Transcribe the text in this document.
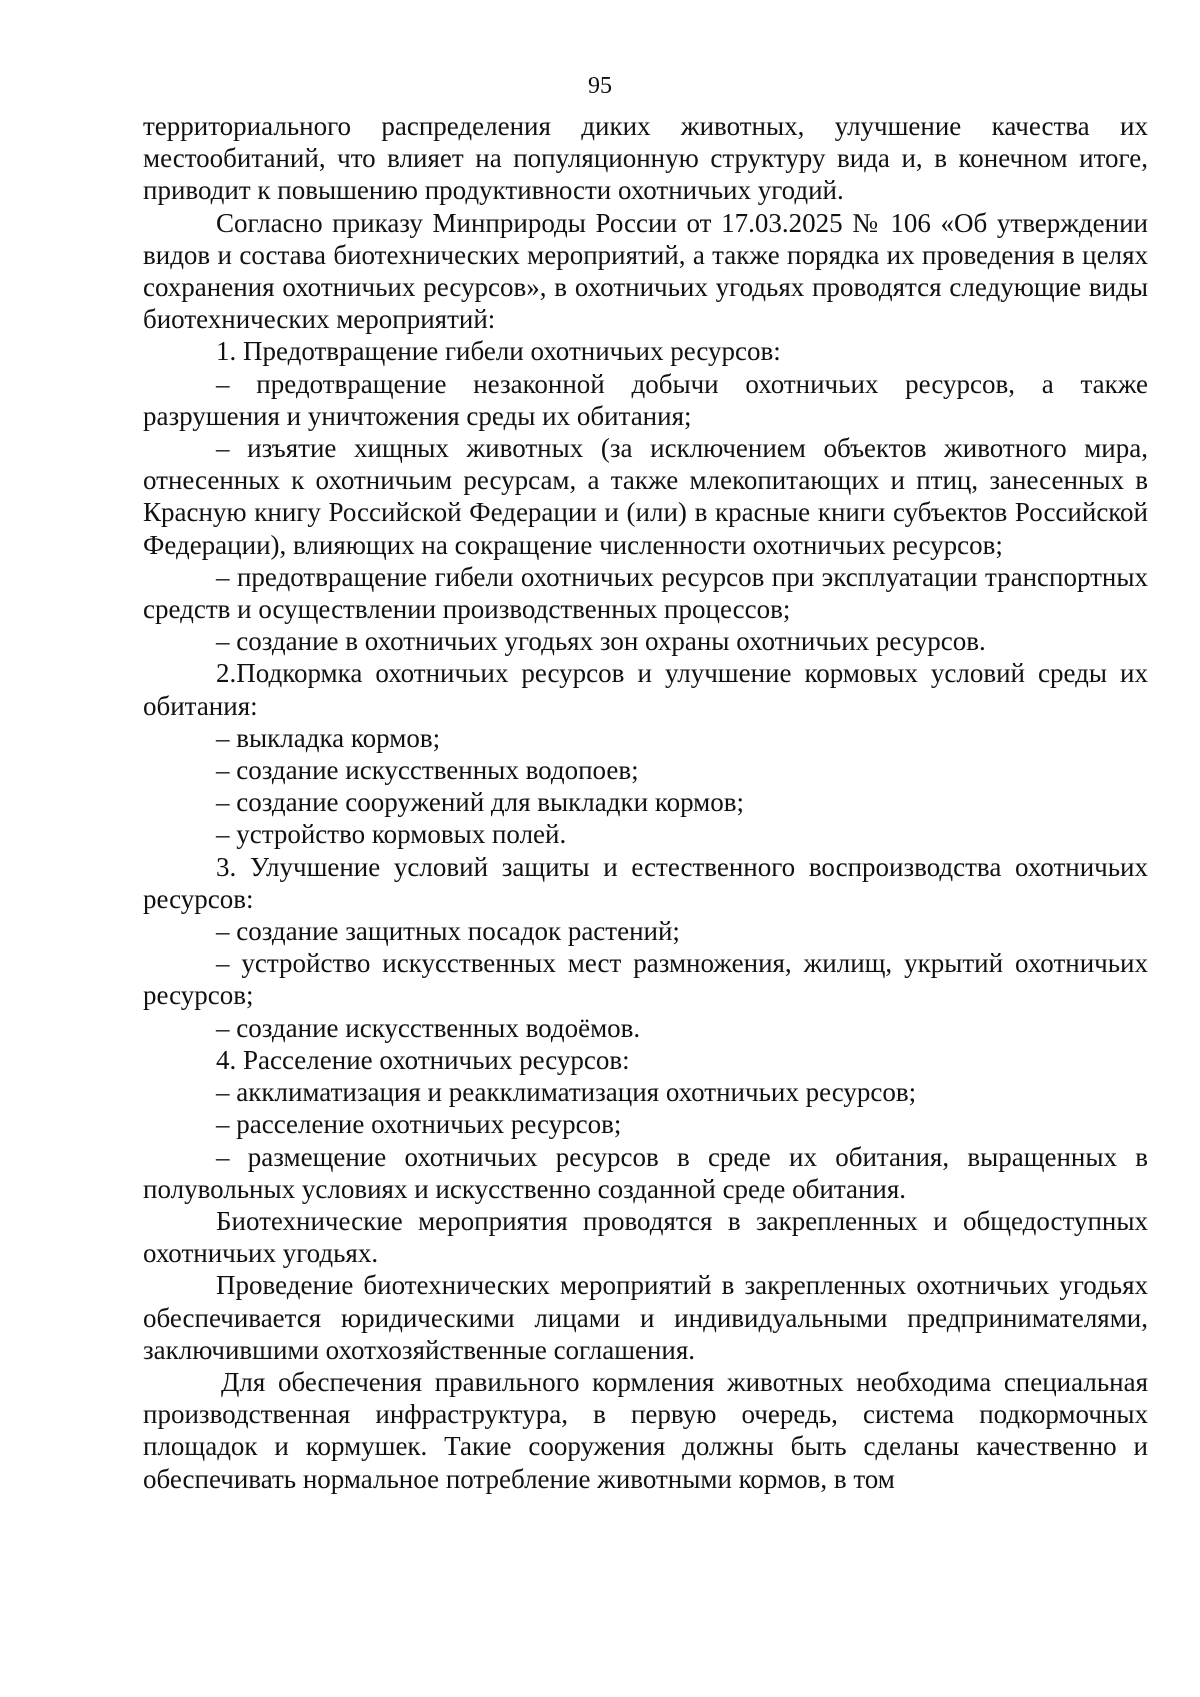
95

территориального распределения диких животных, улучшение качества их местообитаний, что влияет на популяционную структуру вида и, в конечном итоге, приводит к повышению продуктивности охотничьих угодий.

Согласно приказу Минприроды России от 17.03.2025 № 106 «Об утверждении видов и состава биотехнических мероприятий, а также порядка их проведения в целях сохранения охотничьих ресурсов», в охотничьих угодьях проводятся следующие виды биотехнических мероприятий:

1. Предотвращение гибели охотничьих ресурсов:

– предотвращение незаконной добычи охотничьих ресурсов, а также разрушения и уничтожения среды их обитания;

– изъятие хищных животных (за исключением объектов животного мира, отнесенных к охотничьим ресурсам, а также млекопитающих и птиц, занесенных в Красную книгу Российской Федерации и (или) в красные книги субъектов Российской Федерации), влияющих на сокращение численности охотничьих ресурсов;

– предотвращение гибели охотничьих ресурсов при эксплуатации транспортных средств и осуществлении производственных процессов;

– создание в охотничьих угодьях зон охраны охотничьих ресурсов.

2.Подкормка охотничьих ресурсов и улучшение кормовых условий среды их обитания:

– выкладка кормов;

– создание искусственных водопоев;

– создание сооружений для выкладки кормов;

– устройство кормовых полей.

3. Улучшение условий защиты и естественного воспроизводства охотничьих ресурсов:

– создание защитных посадок растений;

– устройство искусственных мест размножения, жилищ, укрытий охотничьих ресурсов;

– создание искусственных водоёмов.

4. Расселение охотничьих ресурсов:

– акклиматизация и реакклиматизация охотничьих ресурсов;

– расселение охотничьих ресурсов;

– размещение охотничьих ресурсов в среде их обитания, выращенных в полувольных условиях и искусственно созданной среде обитания.

Биотехнические мероприятия проводятся в закрепленных и общедоступных охотничьих угодьях.

Проведение биотехнических мероприятий в закрепленных охотничьих угодьях обеспечивается юридическими лицами и индивидуальными предпринимателями, заключившими охотхозяйственные соглашения.

Для обеспечения правильного кормления животных необходима специальная производственная инфраструктура, в первую очередь, система подкормочных площадок и кормушек. Такие сооружения должны быть сделаны качественно и обеспечивать нормальное потребление животными кормов, в том
